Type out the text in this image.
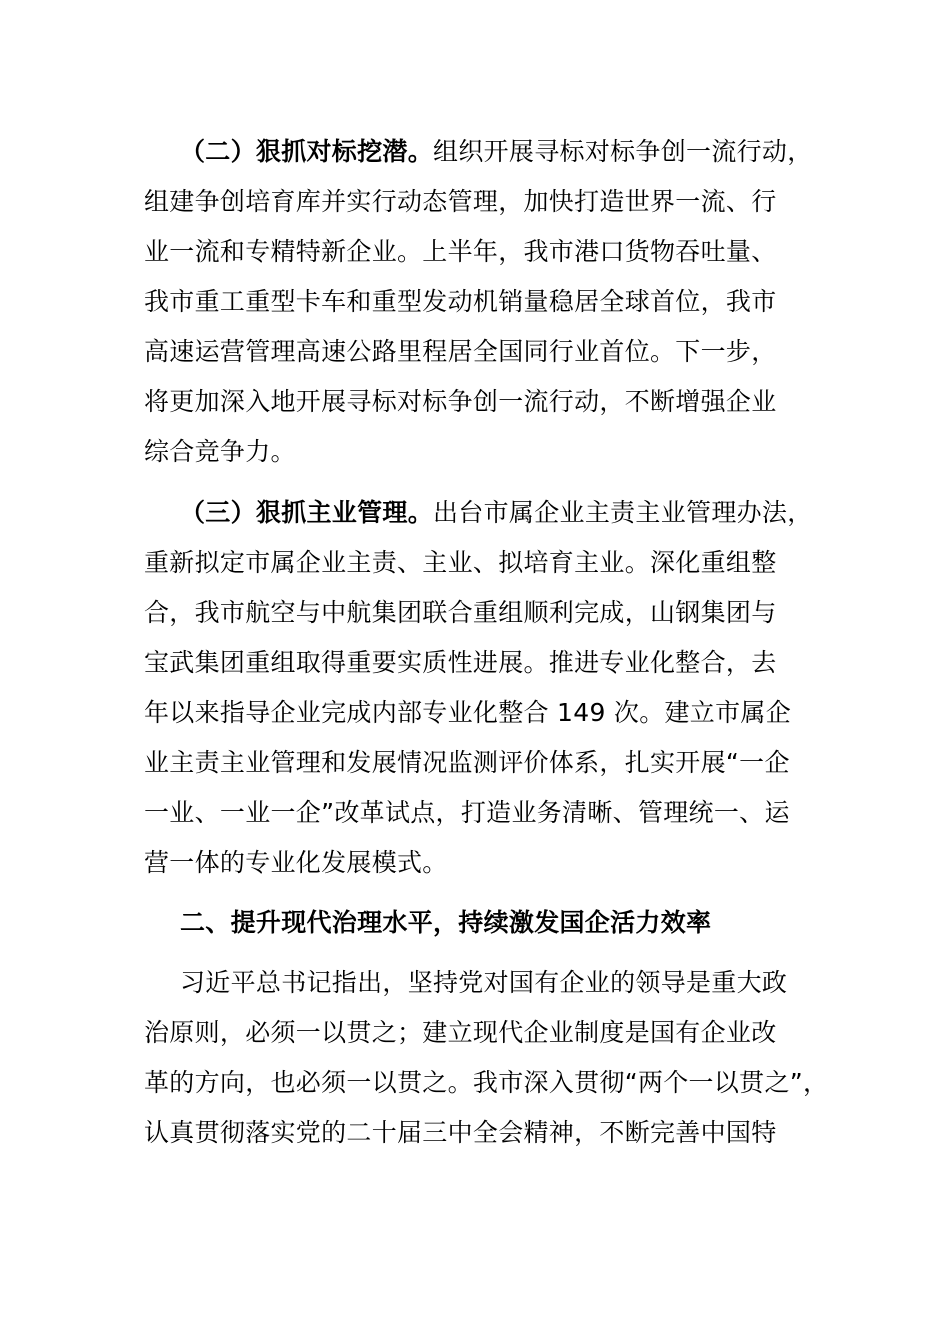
（二）狠抓对标挖潜。组织开展寻标对标争创一流行动，
组建争创培育库并实行动态管理，加快打造世界一流、行
业一流和专精特新企业。上半年，我市港口货物吞吐量、
我市重工重型卡车和重型发动机销量稳居全球首位，我市
高速运营管理高速公路里程居全国同行业首位。下一步，
将更加深入地开展寻标对标争创一流行动，不断增强企业
综合竞争力。
（三）狠抓主业管理。出台市属企业主责主业管理办法，
重新拟定市属企业主责、主业、拟培育主业。深化重组整
合，我市航空与中航集团联合重组顺利完成，山钢集团与
宝武集团重组取得重要实质性进展。推进专业化整合，去
年以来指导企业完成内部专业化整合 149 次。建立市属企
业主责主业管理和发展情况监测评价体系，扎实开展“一企
一业、一业一企”改革试点，打造业务清晰、管理统一、运
营一体的专业化发展模式。
二、提升现代治理水平，持续激发国企活力效率
习近平总书记指出，坚持党对国有企业的领导是重大政
治原则，必须一以贯之；建立现代企业制度是国有企业改
革的方向，也必须一以贯之。我市深入贯彻“两个一以贯之”，
认真贯彻落实党的二十届三中全会精神，不断完善中国特
